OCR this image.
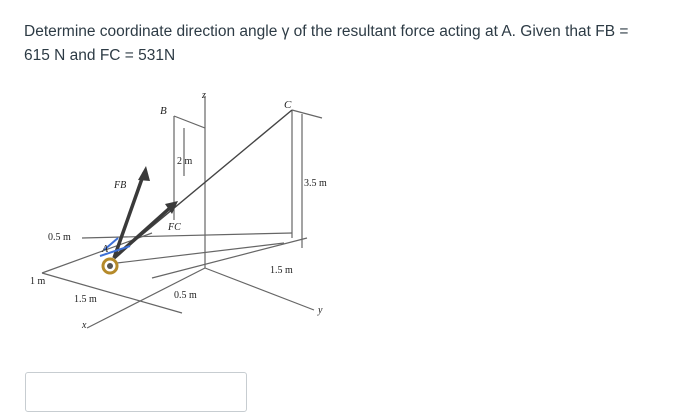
Determine coordinate direction angle γ of the resultant force acting at A. Given that FB =
615 N and FC = 531N
z
B	C
A
FB
FC
x
y
2 m
3.5 m
0.5 m
1 m
1.5 m	0.5 m
1.5 m
